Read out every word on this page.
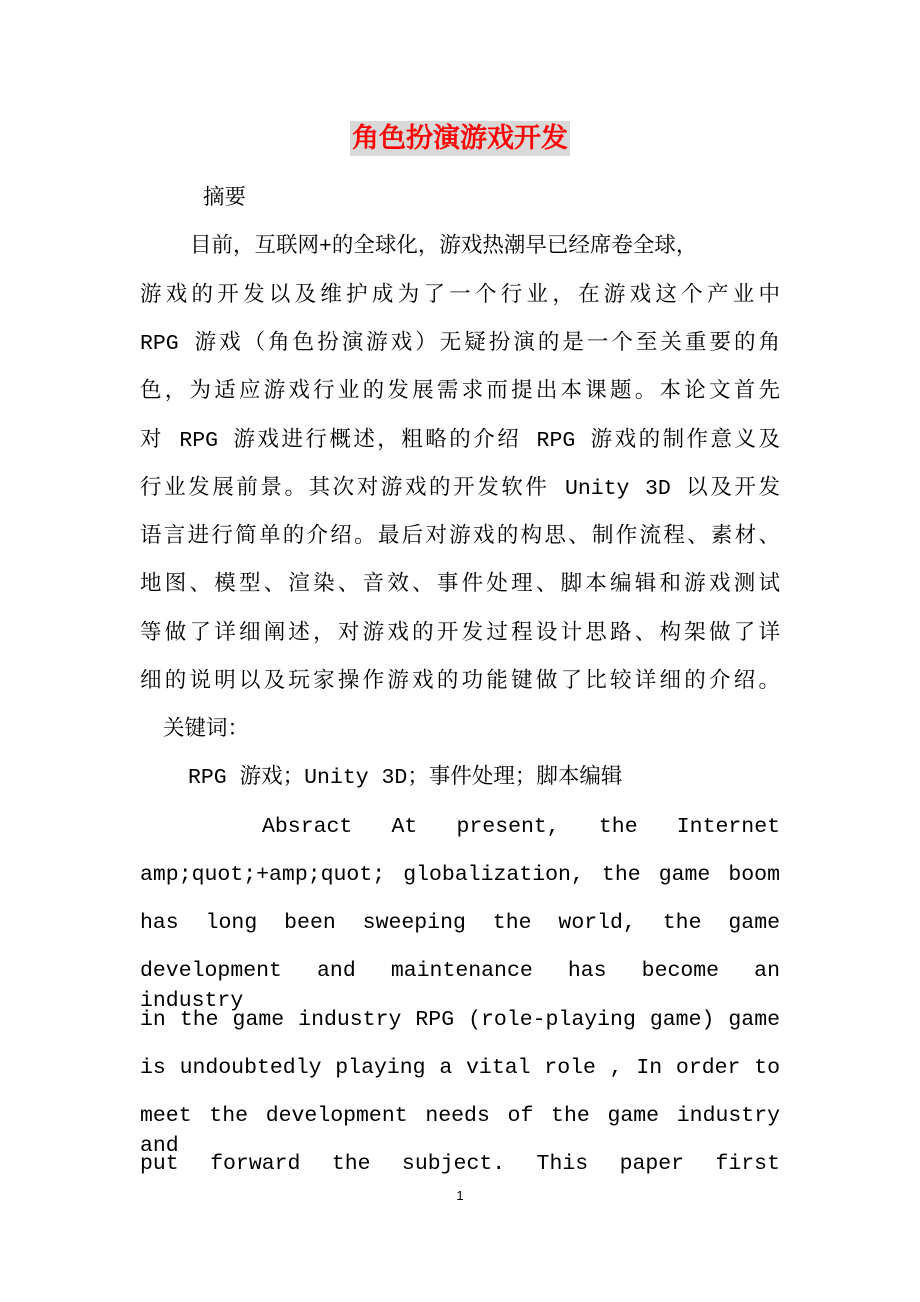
角色扮演游戏开发
摘要
目前，互联网+的全球化，游戏热潮早已经席卷全球，
游戏的开发以及维护成为了一个行业，在游戏这个产业中
RPG 游戏（角色扮演游戏）无疑扮演的是一个至关重要的角
色，为适应游戏行业的发展需求而提出本课题。本论文首先
对 RPG 游戏进行概述，粗略的介绍 RPG 游戏的制作意义及
行业发展前景。其次对游戏的开发软件 Unity 3D 以及开发
语言进行简单的介绍。最后对游戏的构思、制作流程、素材、
地图、模型、渲染、音效、事件处理、脚本编辑和游戏测试
等做了详细阐述，对游戏的开发过程设计思路、构架做了详
细的说明以及玩家操作游戏的功能键做了比较详细的介绍。
关键词：
RPG 游戏；Unity 3D；事件处理；脚本编辑
Absract At present, the Internet
amp;quot;+amp;quot; globalization, the game boom
has long been sweeping the world, the game
development and maintenance has become an industry
in the game industry RPG (role-playing game) game
is undoubtedly playing a vital role , In order to
meet the development needs of the game industry and
put forward the subject. This paper first
1
